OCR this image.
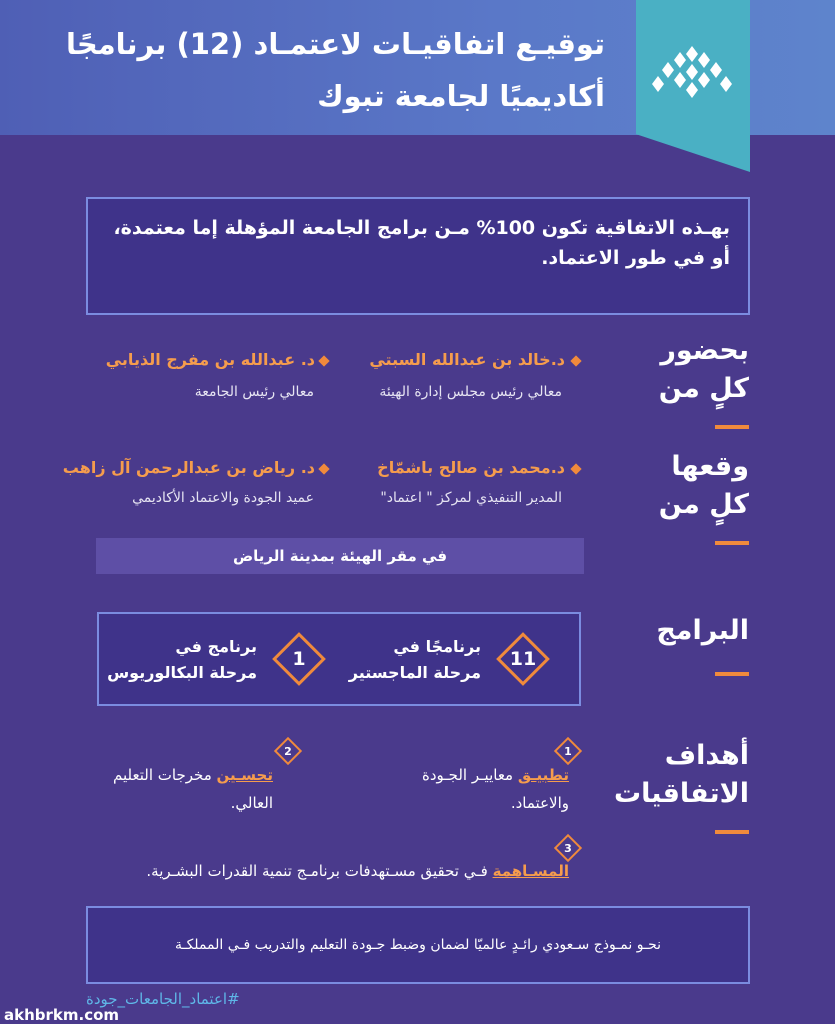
توقيـع اتفاقيـات لاعتمـاد (12) برنامجًا
أكاديميًا لجامعة تبوك
بهـذه الاتفاقية تكون 100% مـن برامج الجامعة المؤهلة إما معتمدة،
أو في طور الاعتماد.
بحضور
كلٍ من
د.خالد بن عبدالله السبتي
معالي رئيس مجلس إدارة الهيئة
د. عبدالله بن مفرج الذيابي
معالي رئيس الجامعة
وقعها
كلٍ من
د.محمد بن صالح باشمّاخ
المدير التنفيذي لمركز " اعتماد"
د. رياض بن عبدالرحمن آل زاهب
عميد الجودة والاعتماد الأكاديمي
في مقر الهيئة بمدينة الرياض
البرامج
11
برنامجًا في
مرحلة الماجستير
1
برنامج في
مرحلة البكالوريوس
أهداف
الاتفاقيات
1
تطبيـق معاييـر الجـودة
والاعتماد.
2
تحسـين مخرجات التعليم
العالي.
3
المسـاهمة فـي تحقيق مسـتهدفات برنامـج تنمية القدرات البشـرية.
نحـو نمـوذج سـعودي رائـدٍ عالميّا لضمان وضبط جـودة التعليم والتدريب فـي المملكـة
#اعتماد_الجامعات_جودة
akhbrkm.com
